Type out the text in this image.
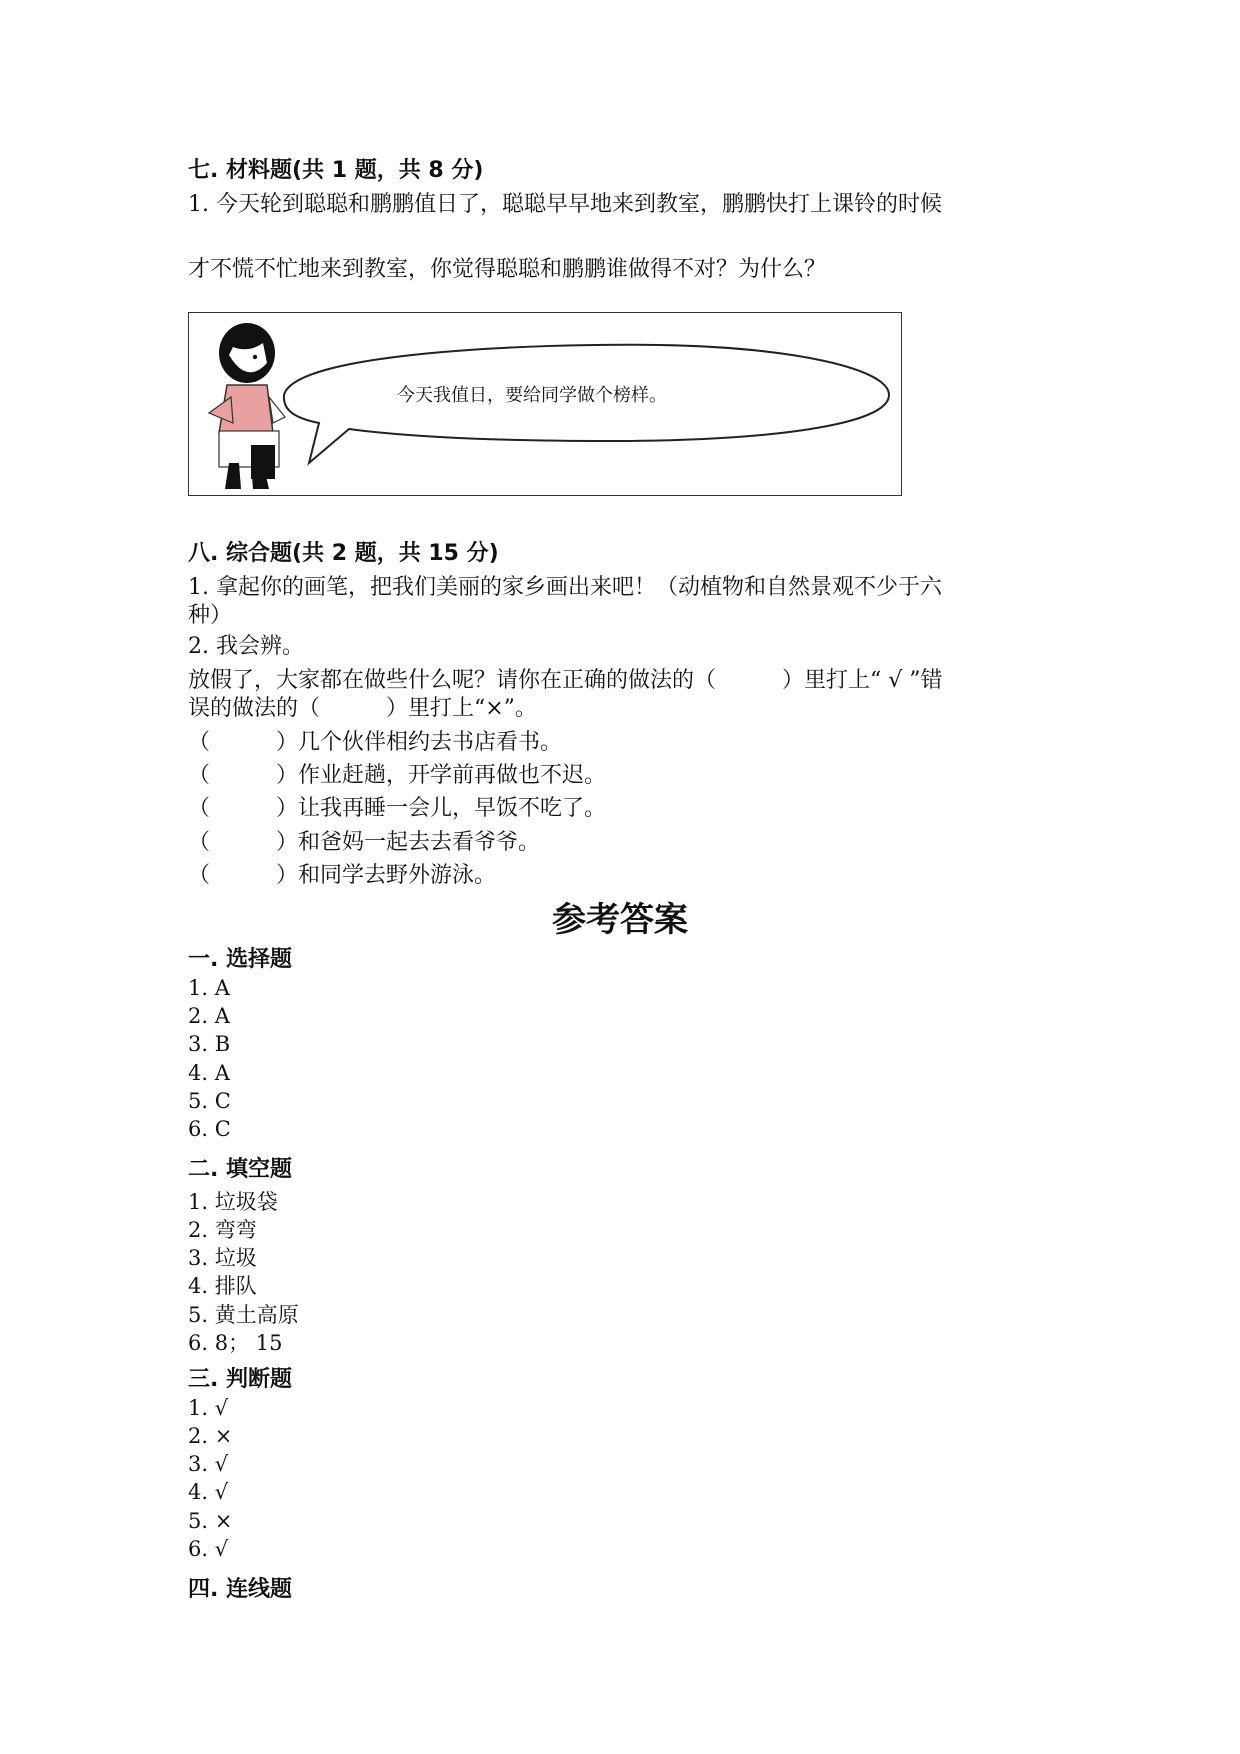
七. 材料题(共 1 题，共 8 分)
1. 今天轮到聪聪和鹏鹏值日了，聪聪早早地来到教室，鹏鹏快打上课铃的时候
才不慌不忙地来到教室，你觉得聪聪和鹏鹏谁做得不对？为什么？
今天我值日，要给同学做个榜样。
八. 综合题(共 2 题，共 15 分)
1. 拿起你的画笔，把我们美丽的家乡画出来吧！（动植物和自然景观不少于六
种）
2. 我会辨。
放假了，大家都在做些什么呢？请你在正确的做法的（　　　）里打上“ √ ”错
误的做法的（　　　）里打上“×”。
（　　　）几个伙伴相约去书店看书。
（　　　）作业赶趟，开学前再做也不迟。
（　　　）让我再睡一会儿，早饭不吃了。
（　　　）和爸妈一起去去看爷爷。
（　　　）和同学去野外游泳。
参考答案
一. 选择题
1. A
2. A
3. B
4. A
5. C
6. C
二. 填空题
1. 垃圾袋
2. 弯弯
3. 垃圾
4. 排队
5. 黄土高原
6. 8； 15
三. 判断题
1. √
2. ×
3. √
4. √
5. ×
6. √
四. 连线题
